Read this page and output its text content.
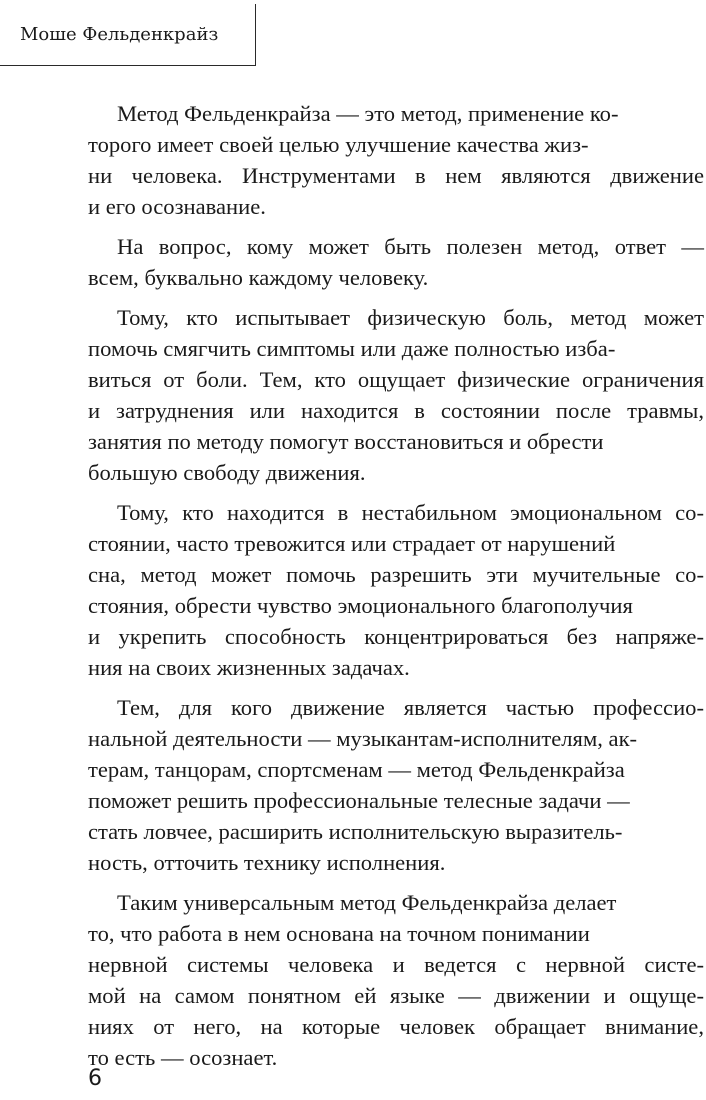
Моше Фельденкрайз
Метод Фельденкрайза — это метод, применение ко-
торого имеет своей целью улучшение качества жиз-
ни человека. Инструментами в нем являются движение
и его осознавание.
На вопрос, кому может быть полезен метод, ответ —
всем, буквально каждому человеку.
Тому, кто испытывает физическую боль, метод может
помочь смягчить симптомы или даже полностью изба-
виться от боли. Тем, кто ощущает физические ограничения
и затруднения или находится в состоянии после травмы,
занятия по методу помогут восстановиться и обрести
большую свободу движения.
Тому, кто находится в нестабильном эмоциональном со-
стоянии, часто тревожится или страдает от нарушений
сна, метод может помочь разрешить эти мучительные со-
стояния, обрести чувство эмоционального благополучия
и укрепить способность концентрироваться без напряже-
ния на своих жизненных задачах.
Тем, для кого движение является частью профессио-
нальной деятельности — музыкантам-исполнителям, ак-
терам, танцорам, спортсменам — метод Фельденкрайза
поможет решить профессиональные телесные задачи —
стать ловчее, расширить исполнительскую выразитель-
ность, отточить технику исполнения.
Таким универсальным метод Фельденкрайза делает
то, что работа в нем основана на точном понимании
нервной системы человека и ведется с нервной систе-
мой на самом понятном ей языке — движении и ощуще-
ниях от него, на которые человек обращает внимание,
то есть — осознает.
6
